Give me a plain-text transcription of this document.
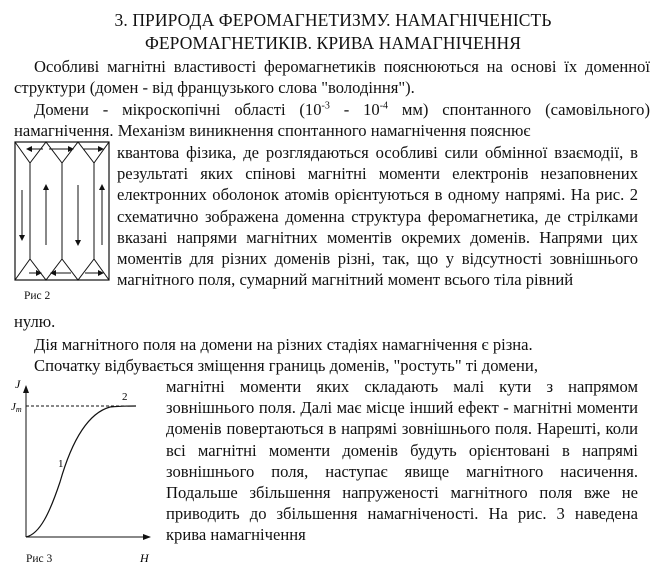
3. ПРИРОДА ФЕРОМАГНЕТИЗМУ. НАМАГНІЧЕНІСТЬ
ФЕРОМАГНЕТИКІВ. КРИВА НАМАГНІЧЕННЯ
Особливі магнітні властивості феромагнетиків пояснюються на основі їх доменної структури (домен - від французького слова "володіння").
Домени - мікроскопічні області ($10^{-3} - 10^{-4}$ мм) спонтанного (самовільного) намагнічення. Механізм виникнення спонтанного намагнічення пояснює
квантова фізика, де розглядаються особливі сили обмінної взаємодії, в результаті яких спінові магнітні моменти електронів незаповнених електронних оболонок атомів орієнтуються в одному напрямі. На рис. 2 схематично зображена доменна структура феромагнетика, де стрілками вказані напрями магнітних моментів окремих доменів. Напрями цих моментів для різних доменів різні, так, що у відсутності зовнішнього магнітного поля, сумарний магнітний момент всього тіла рівний
нулю.
Рис 2
Дія магнітного поля на домени на різних стадіях намагнічення є різна.
Спочатку відбувається зміщення границь доменів, "ростуть" ті домени,
J
Jm
H
1
2
магнітні моменти яких складають малі кути з напрямом зовнішнього поля. Далі має місце інший ефект - магнітні моменти доменів повертаються в напрямі зовнішнього поля. Нарешті, коли всі магнітні моменти доменів будуть орієнтовані в напрямі зовнішнього поля, наступає явище магнітного насичення. Подальше збільшення напруженості магнітного поля вже не приводить до збільшення намагніченості. На рис. 3 наведена крива намагнічення
Рис 3
